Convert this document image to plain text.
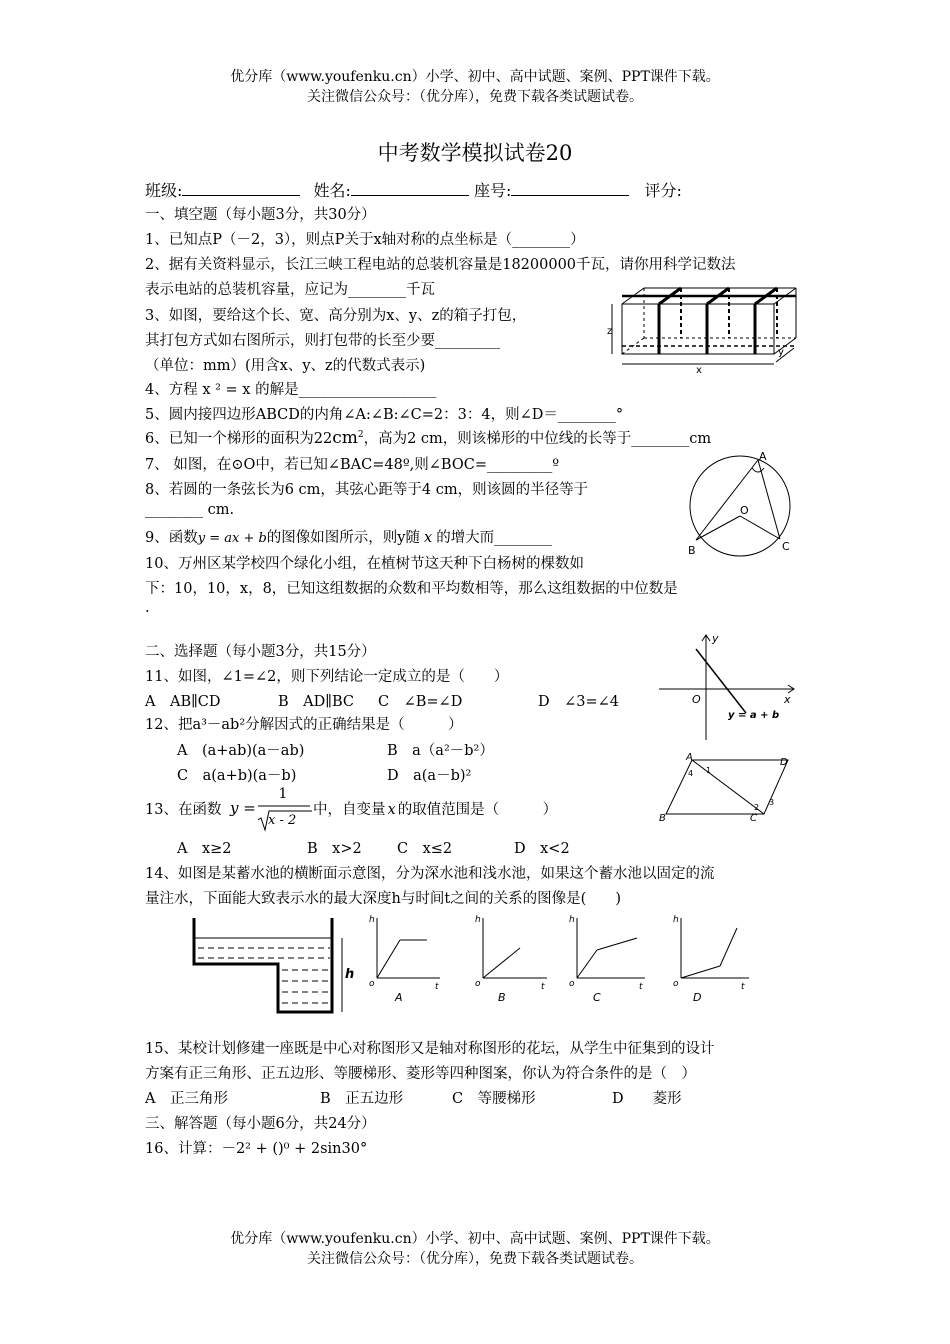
优分库（www.youfenku.cn）小学、初中、高中试题、案例、PPT课件下载。
关注微信公众号：（优分库），免费下载各类试题试卷。
中考数学模拟试卷20
班级:	姓名:	座号:	评分:
一、填空题（每小题3分，共30分）
1、已知点P（－2，3），则点P关于x轴对称的点坐标是（________）
2、据有关资料显示，长江三峡工程电站的总装机容量是18200000千瓦，请你用科学记数法
表示电站的总装机容量，应记为________千瓦
3、如图，要给这个长、宽、高分别为x、y、z的箱子打包，
其打包方式如右图所示，则打包带的长至少要_________
（单位：mm）(用含x、y、z的代数式表示)
4、方程 x ² = x 的解是___________________
5、圆内接四边形ABCD的内角∠A:∠B:∠C=2：3：4，则∠D＝________°
6、已知一个梯形的面积为$22cm^2$，高为2 cm，则该梯形的中位线的长等于________cm
7、 如图，在⊙O中，若已知∠BAC=48º,则∠BOC=_________º
8、若圆的一条弦长为6 cm，其弦心距等于4 cm，则该圆的半径等于
________ cm.
9、函数y = ax + b的图像如图所示，则y随 x 的增大而________
10、万州区某学校四个绿化小组，在植树节这天种下白杨树的棵数如
下：10，10，x，8，已知这组数据的众数和平均数相等，那么这组数据的中位数是
.
二、选择题（每小题3分，共15分）
11、如图，∠1=∠2，则下列结论一定成立的是（　　）
A　AB∥CD	B　AD∥BC C　∠B=∠D	D　∠3=∠4
12、把a³－ab²分解因式的正确结果是（　　　）
A　(a+ab)(a－ab)	B　a（a²－b²）
C　a(a+b)(a－b)	D　a(a－b)²
13、在函数 y =
1
x - 2
中，自变量 x 的取值范围是（　　　）
A　x≥2	B　x>2 C　x≤2	D　x<2
14、如图是某蓄水池的横断面示意图，分为深水池和浅水池，如果这个蓄水池以固定的流
量注水，下面能大致表示水的最大深度h与时间t之间的关系的图像是(　　)
15、某校计划修建一座既是中心对称图形又是轴对称图形的花坛，从学生中征集到的设计
方案有正三角形、正五边形、等腰梯形、菱形等四种图案，你认为符合条件的是（　）
A　正三角形	B　正五边形	C　等腰梯形	D　　菱形
三、解答题（每小题6分，共24分）
16、计算：－2² + ()⁰ + 2sin30°
优分库（www.youfenku.cn）小学、初中、高中试题、案例、PPT课件下载。
关注微信公众号：（优分库），免费下载各类试题试卷。
z
x
y
A
O
B	C
y
x
O
y = a + b
A	D
B	C
1
2
3
4
h
h
t
o
A
h
t
o
B
h
t
o
C
h
t
o
D
